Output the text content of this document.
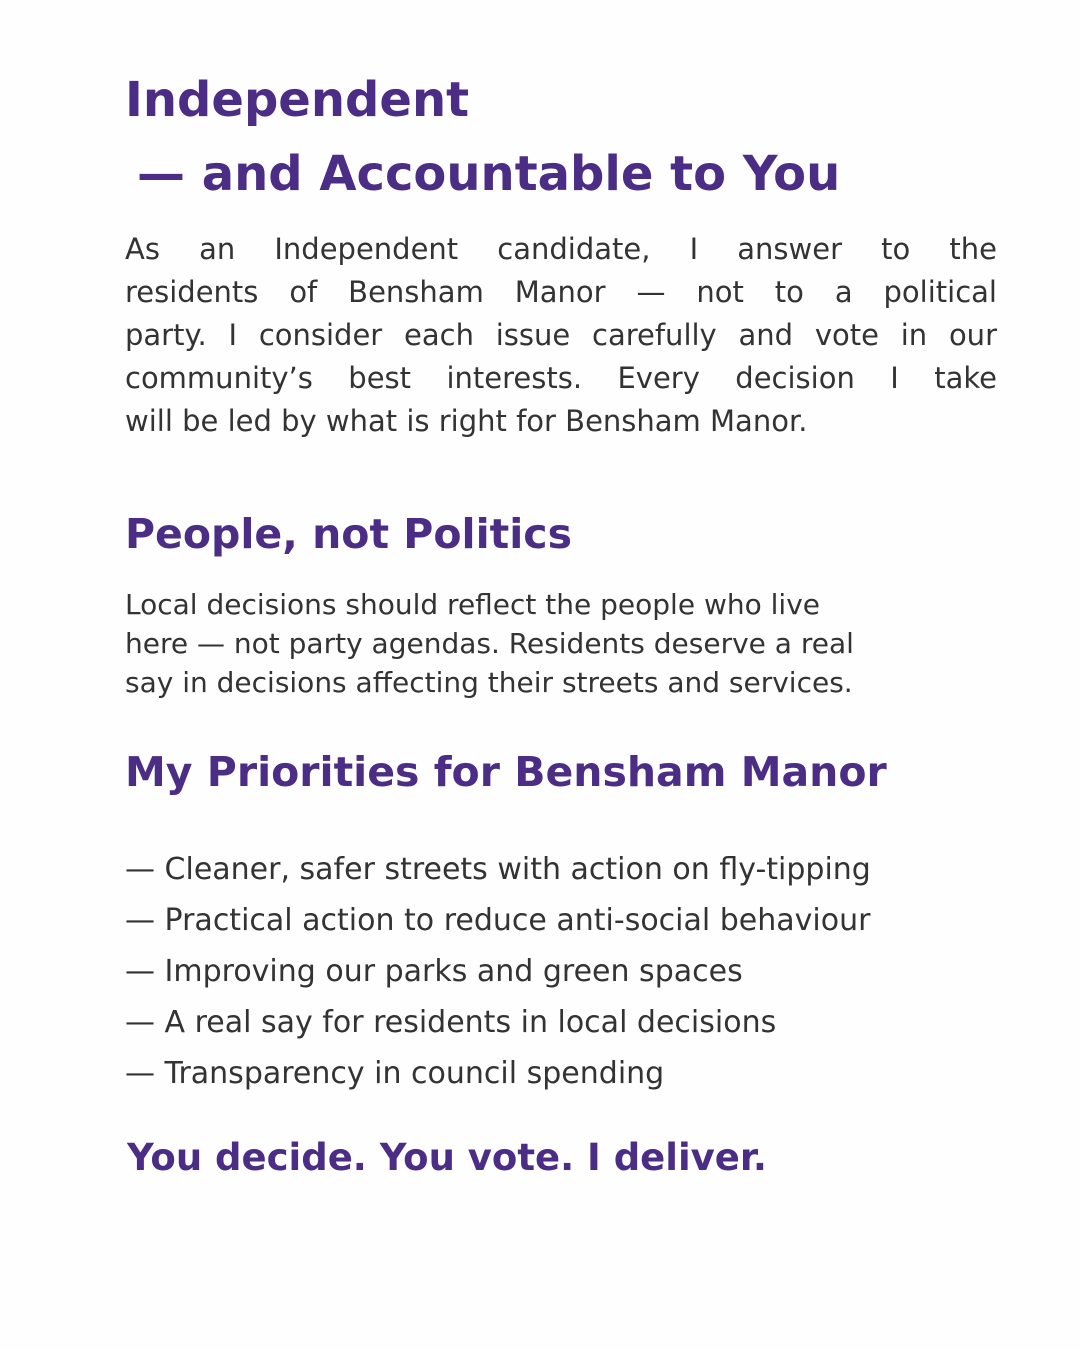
Independent
— and Accountable to You
As an Independent candidate, I answer to the
residents of Bensham Manor — not to a political
party. I consider each issue carefully and vote in our
community’s best interests. Every decision I take
will be led by what is right for Bensham Manor.
People, not Politics
Local decisions should reflect the people who live
here — not party agendas. Residents deserve a real
say in decisions affecting their streets and services.
My Priorities for Bensham Manor
— Cleaner, safer streets with action on fly-tipping
— Practical action to reduce anti-social behaviour
— Improving our parks and green spaces
— A real say for residents in local decisions
— Transparency in council spending
You decide. You vote. I deliver.
